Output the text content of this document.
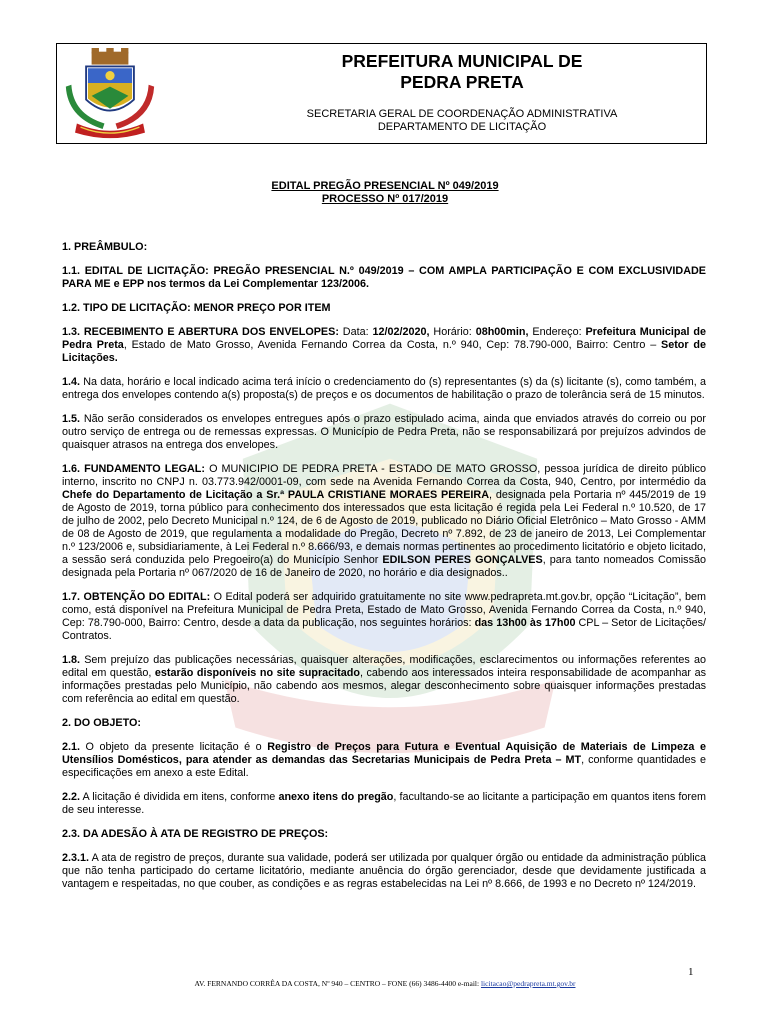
PREFEITURA MUNICIPAL DE
PEDRA PRETA
SECRETARIA GERAL DE COORDENAÇÃO ADMINISTRATIVA
DEPARTAMENTO DE LICITAÇÃO
EDITAL PREGÃO PRESENCIAL Nº 049/2019
PROCESSO Nº 017/2019

1. PREÂMBULO:

1.1. EDITAL DE LICITAÇÃO: PREGÃO PRESENCIAL N.º 049/2019 – COM AMPLA PARTICIPAÇÃO E COM EXCLUSIVIDADE PARA ME e EPP nos termos da Lei Complementar 123/2006.

1.2. TIPO DE LICITAÇÃO: MENOR PREÇO POR ITEM

1.3. RECEBIMENTO E ABERTURA DOS ENVELOPES: Data: 12/02/2020, Horário: 08h00min, Endereço: Prefeitura Municipal de Pedra Preta, Estado de Mato Grosso, Avenida Fernando Correa da Costa, n.º 940, Cep: 78.790-000, Bairro: Centro – Setor de Licitações.

1.4. Na data, horário e local indicado acima terá início o credenciamento do (s) representantes (s) da (s) licitante (s), como também, a entrega dos envelopes contendo a(s) proposta(s) de preços e os documentos de habilitação o prazo de tolerância será de 15 minutos.

1.5. Não serão considerados os envelopes entregues após o prazo estipulado acima, ainda que enviados através do correio ou por outro serviço de entrega ou de remessas expressas. O Município de Pedra Preta, não se responsabilizará por prejuízos advindos de quaisquer atrasos na entrega dos envelopes.

1.6. FUNDAMENTO LEGAL: O MUNICIPIO DE PEDRA PRETA - ESTADO DE MATO GROSSO, pessoa jurídica de direito público interno, inscrito no CNPJ n. 03.773.942/0001-09, com sede na Avenida Fernando Correa da Costa, 940, Centro, por intermédio da Chefe do Departamento de Licitação a Sr.ª PAULA CRISTIANE MORAES PEREIRA, designada pela Portaria nº 445/2019 de 19 de Agosto de 2019, torna público para conhecimento dos interessados que esta licitação é regida pela Lei Federal n.º 10.520, de 17 de julho de 2002, pelo Decreto Municipal n.º 124, de 6 de Agosto de 2019, publicado no Diário Oficial Eletrônico – Mato Grosso - AMM de 08 de Agosto de 2019, que regulamenta a modalidade do Pregão, Decreto nº 7.892, de 23 de janeiro de 2013, Lei Complementar n.º 123/2006 e, subsidiariamente, à Lei Federal n.º 8.666/93, e demais normas pertinentes ao procedimento licitatório e objeto licitado, a sessão será conduzida pelo Pregoeiro(a) do Município Senhor EDILSON PERES GONÇALVES, para tanto nomeados Comissão designada pela Portaria nº 067/2020 de 16 de Janeiro de 2020, no horário e dia designados..

1.7. OBTENÇÃO DO EDITAL: O Edital poderá ser adquirido gratuitamente no site www.pedrapreta.mt.gov.br, opção “Licitação”, bem como, está disponível na Prefeitura Municipal de Pedra Preta, Estado de Mato Grosso, Avenida Fernando Correa da Costa, n.º 940, Cep: 78.790-000, Bairro: Centro, desde a data da publicação, nos seguintes horários: das 13h00 às 17h00 CPL – Setor de Licitações/ Contratos.

1.8. Sem prejuízo das publicações necessárias, quaisquer alterações, modificações, esclarecimentos ou informações referentes ao edital em questão, estarão disponíveis no site supracitado, cabendo aos interessados inteira responsabilidade de acompanhar as informações prestadas pelo Município, não cabendo aos mesmos, alegar desconhecimento sobre quaisquer informações prestadas com referência ao edital em questão.

2. DO OBJETO:

2.1. O objeto da presente licitação é o Registro de Preços para Futura e Eventual Aquisição de Materiais de Limpeza e Utensílios Domésticos, para atender as demandas das Secretarias Municipais de Pedra Preta – MT, conforme quantidades e especificações em anexo a este Edital.

2.2. A licitação é dividida em itens, conforme anexo itens do pregão, facultando-se ao licitante a participação em quantos itens forem de seu interesse.

2.3. DA ADESÃO À ATA DE REGISTRO DE PREÇOS:

2.3.1. A ata de registro de preços, durante sua validade, poderá ser utilizada por qualquer órgão ou entidade da administração pública que não tenha participado do certame licitatório, mediante anuência do órgão gerenciador, desde que devidamente justificada a vantagem e respeitadas, no que couber, as condições e as regras estabelecidas na Lei nº 8.666, de 1993 e no Decreto nº 124/2019.

1
AV. FERNANDO CORRÊA DA COSTA, Nº 940 – CENTRO – FONE (66) 3486-4400 e-mail: licitacao@pedrapreta.mt.gov.br
